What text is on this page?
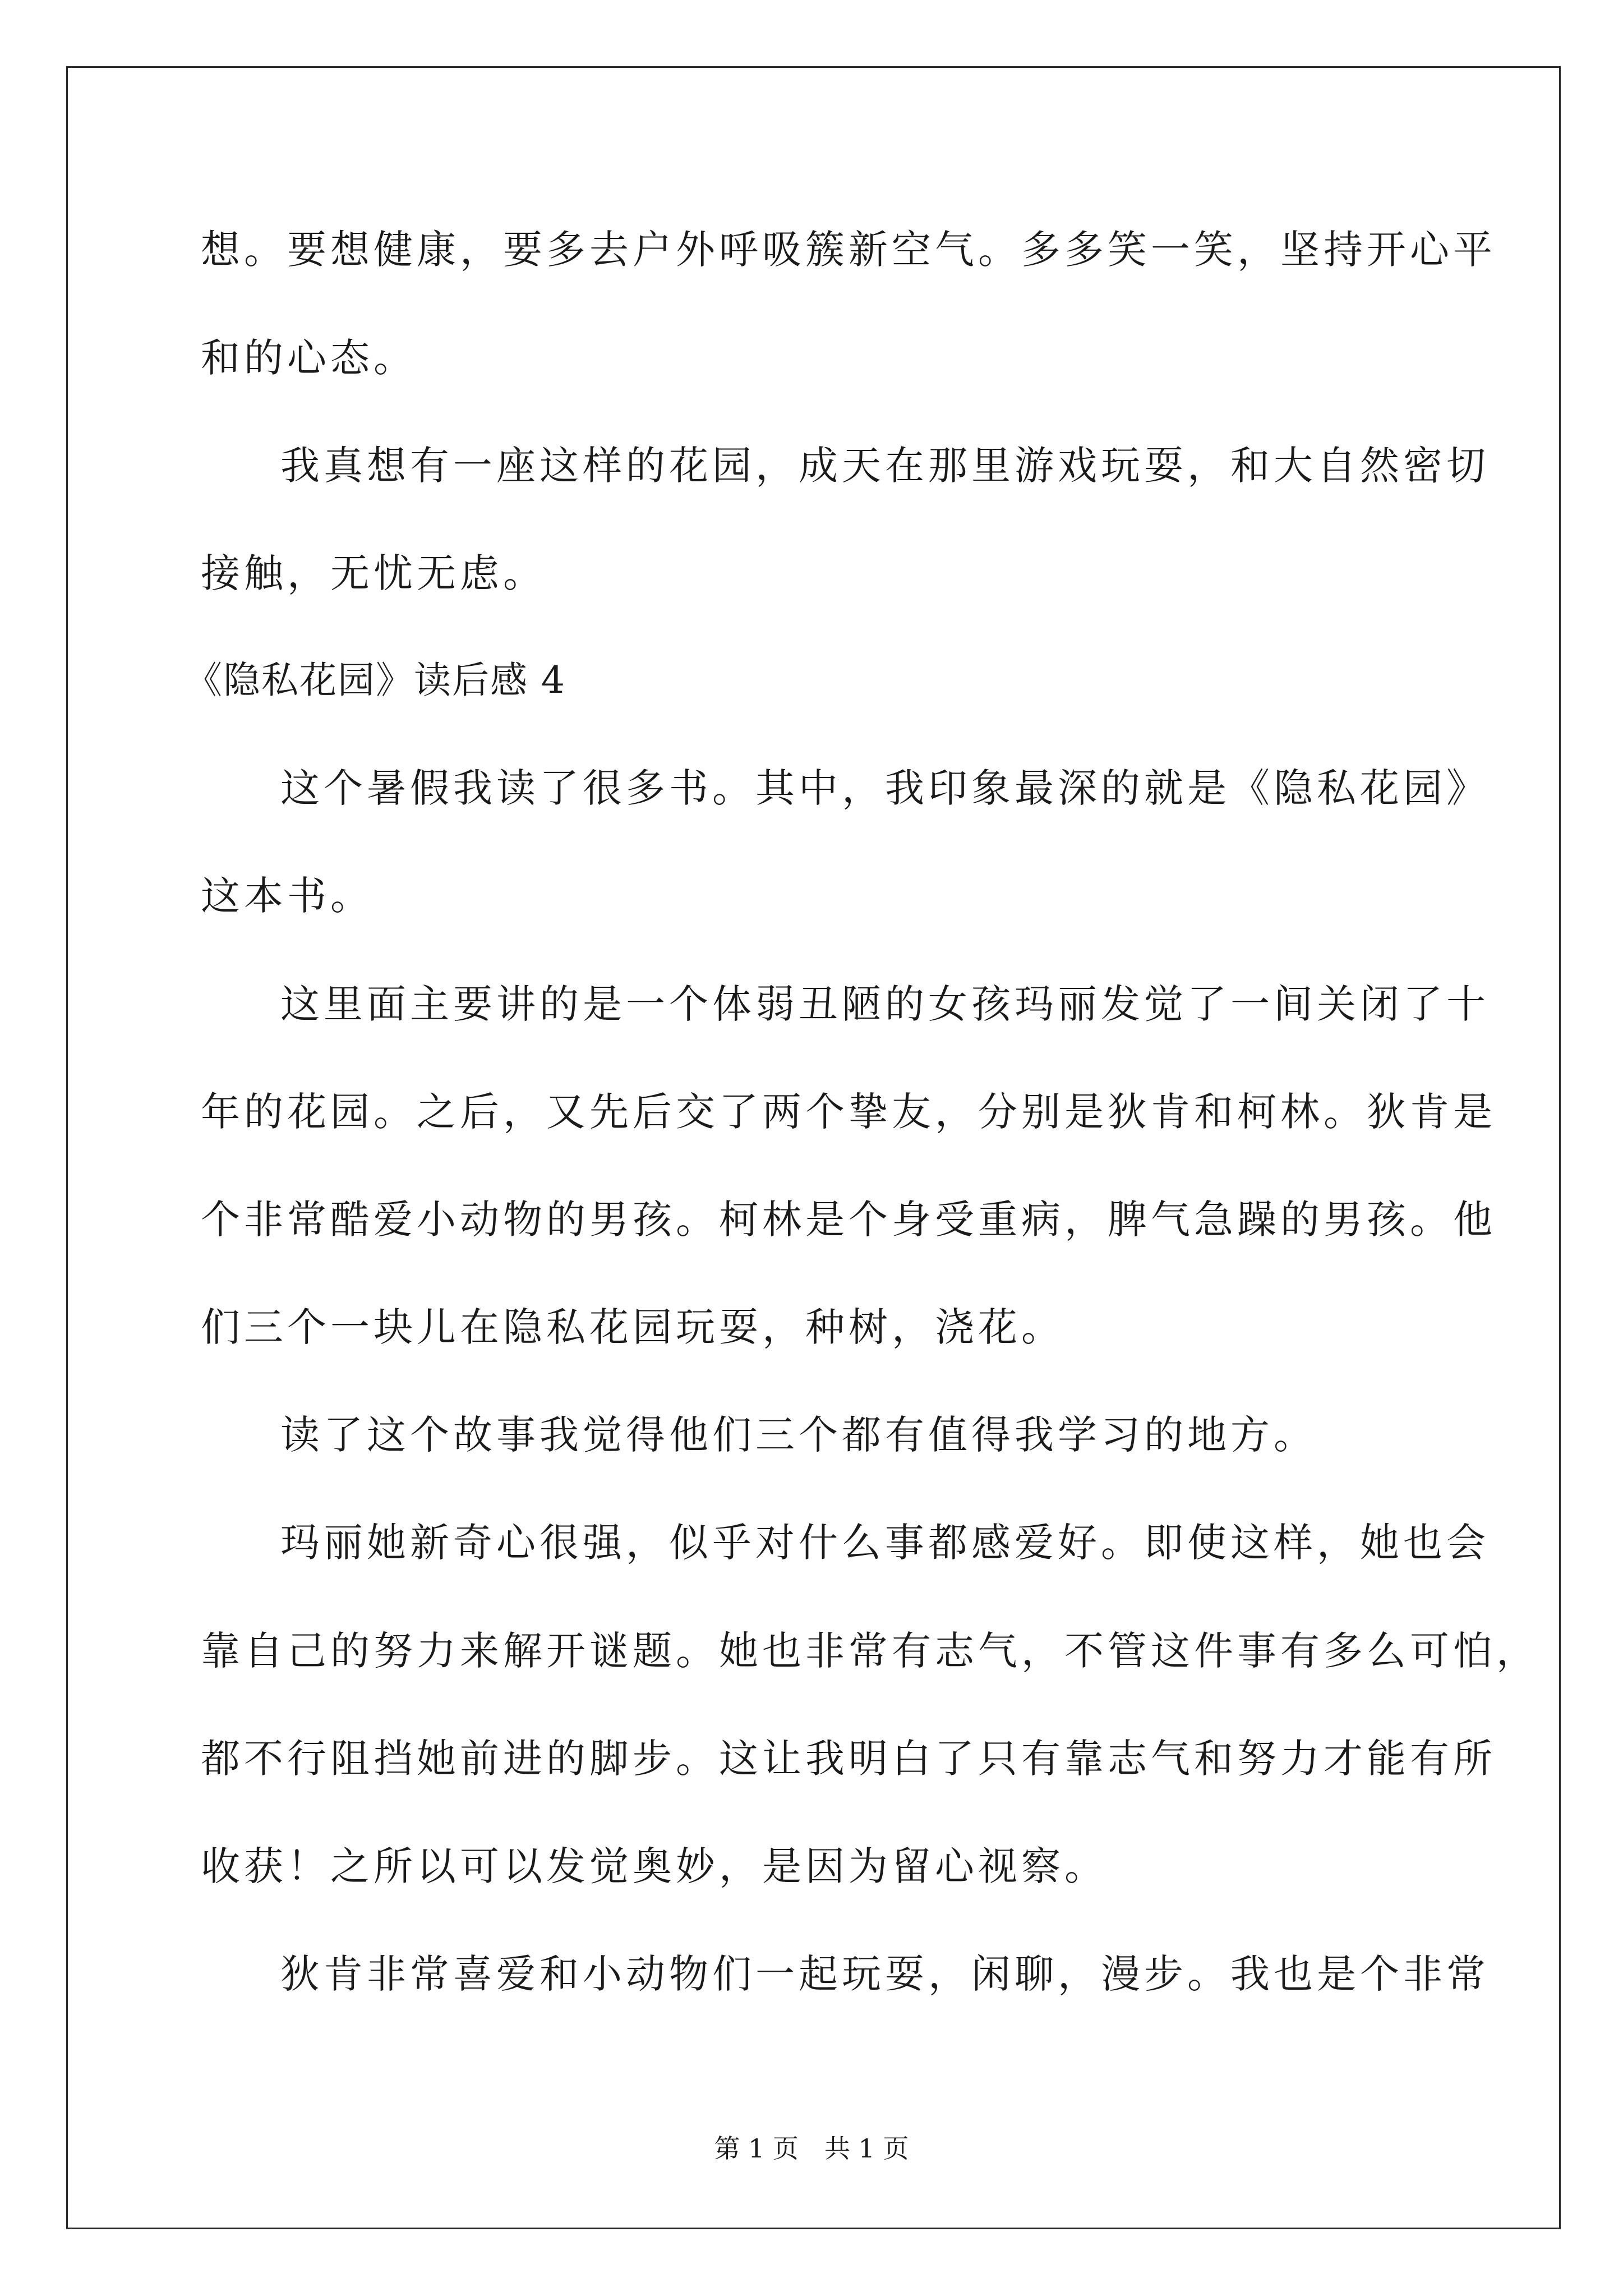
想。要想健康，要多去户外呼吸簇新空气。多多笑一笑，坚持开心平
和的心态。
我真想有一座这样的花园，成天在那里游戏玩耍，和大自然密切
接触，无忧无虑。
《隐私花园》读后感 4
这个暑假我读了很多书。其中，我印象最深的就是《隐私花园》
这本书。
这里面主要讲的是一个体弱丑陋的女孩玛丽发觉了一间关闭了十
年的花园。之后，又先后交了两个挚友，分别是狄肯和柯林。狄肯是
个非常酷爱小动物的男孩。柯林是个身受重病，脾气急躁的男孩。他
们三个一块儿在隐私花园玩耍，种树，浇花。
读了这个故事我觉得他们三个都有值得我学习的地方。
玛丽她新奇心很强，似乎对什么事都感爱好。即使这样，她也会
靠自己的努力来解开谜题。她也非常有志气，不管这件事有多么可怕，
都不行阻挡她前进的脚步。这让我明白了只有靠志气和努力才能有所
收获！之所以可以发觉奥妙，是因为留心视察。
狄肯非常喜爱和小动物们一起玩耍，闲聊，漫步。我也是个非常
第 1 页　共 1 页
